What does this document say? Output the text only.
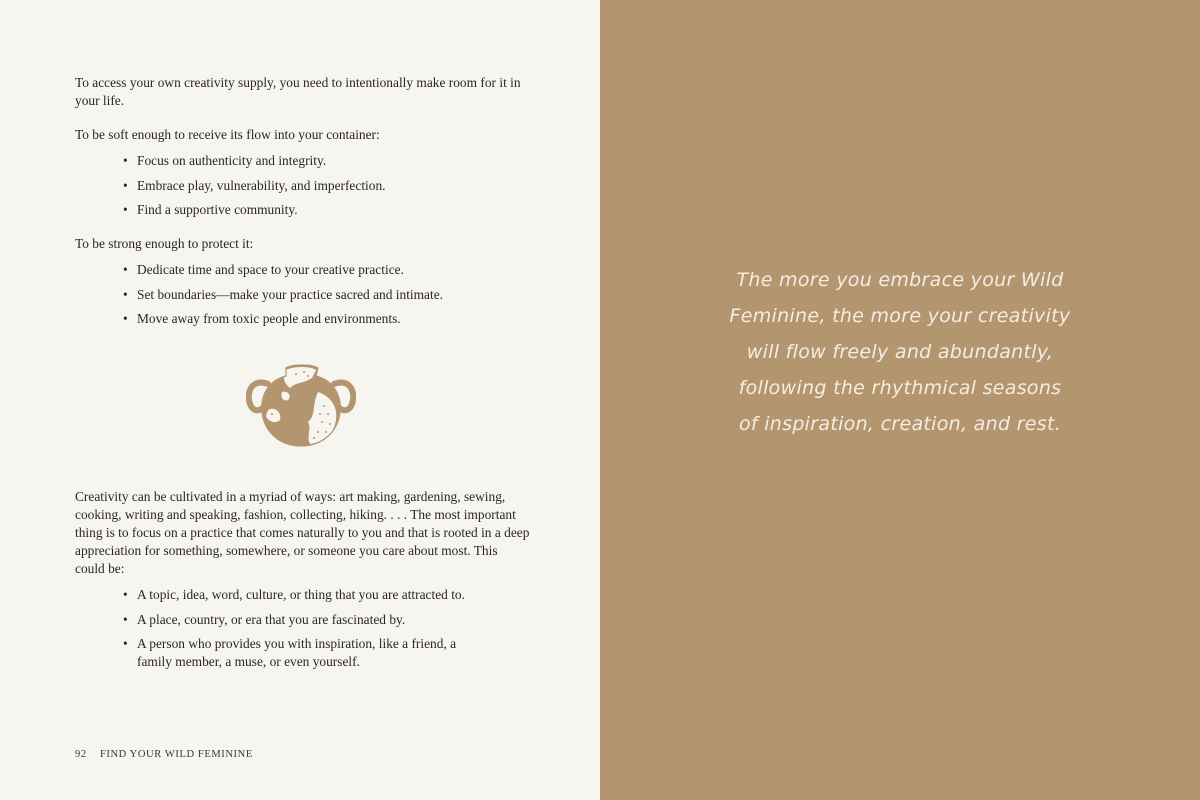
To access your own creativity supply, you need to intentionally make room for it in your life.

To be soft enough to receive its flow into your container:

• Focus on authenticity and integrity.
• Embrace play, vulnerability, and imperfection.
• Find a supportive community.

To be strong enough to protect it:

• Dedicate time and space to your creative practice.
• Set boundaries—make your practice sacred and intimate.
• Move away from toxic people and environments.

Creativity can be cultivated in a myriad of ways: art making, gardening, sewing, cooking, writing and speaking, fashion, collecting, hiking. . . . The most important thing is to focus on a practice that comes naturally to you and that is rooted in a deep appreciation for something, somewhere, or someone you care about most. This could be:

• A topic, idea, word, culture, or thing that you are attracted to.
• A place, country, or era that you are fascinated by.
• A person who provides you with inspiration, like a friend, a family member, a muse, or even yourself.
92 FIND YOUR WILD FEMININE
The more you embrace your Wild
Feminine, the more your creativity
will flow freely and abundantly,
following the rhythmical seasons
of inspiration, creation, and rest.
